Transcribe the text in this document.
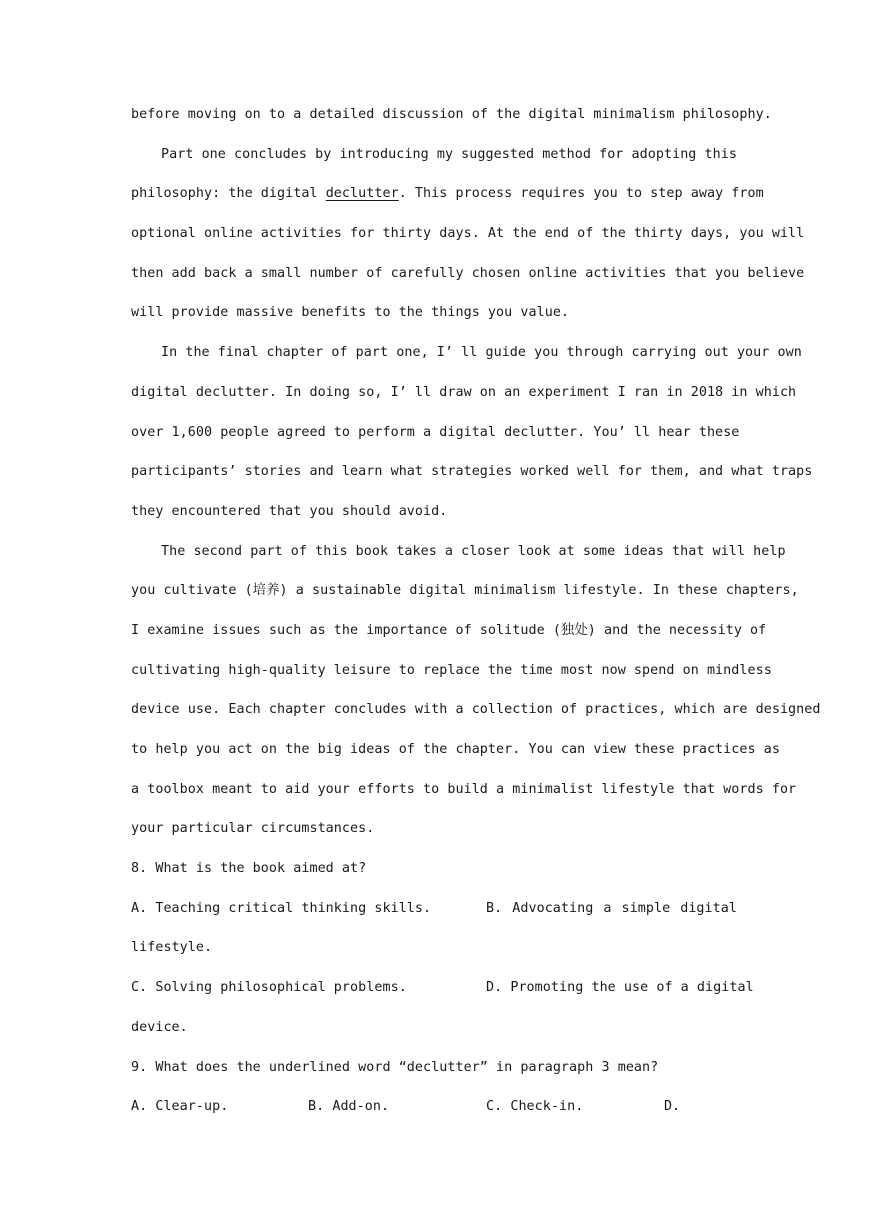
before moving on to a detailed discussion of the digital minimalism philosophy.
Part one concludes by introducing my suggested method for adopting this
philosophy: the digital declutter. This process requires you to step away from
optional online activities for thirty days. At the end of the thirty days, you will
then add back a small number of carefully chosen online activities that you believe
will provide massive benefits to the things you value.
In the final chapter of part one, I’ ll guide you through carrying out your own
digital declutter. In doing so, I’ ll draw on an experiment I ran in 2018 in which
over 1,600 people agreed to perform a digital declutter. You’ ll hear these
participants’ stories and learn what strategies worked well for them, and what traps
they encountered that you should avoid.
The second part of this book takes a closer look at some ideas that will help
you cultivate (培养) a sustainable digital minimalism lifestyle. In these chapters,
I examine issues such as the importance of solitude (独处) and the necessity of
cultivating high-quality leisure to replace the time most now spend on mindless
device use. Each chapter concludes with a collection of practices, which are designed
to help you act on the big ideas of the chapter. You can view these practices as
a toolbox meant to aid your efforts to build a minimalist lifestyle that words for
your particular circumstances.
8. What is the book aimed at?
A. Teaching critical thinking skills.	B. Advocating a simple digital
lifestyle.
C. Solving philosophical problems.	D. Promoting the use of a digital
device.
9. What does the underlined word “declutter” in paragraph 3 mean?
A. Clear-up.	B. Add-on.	C. Check-in.	D.
